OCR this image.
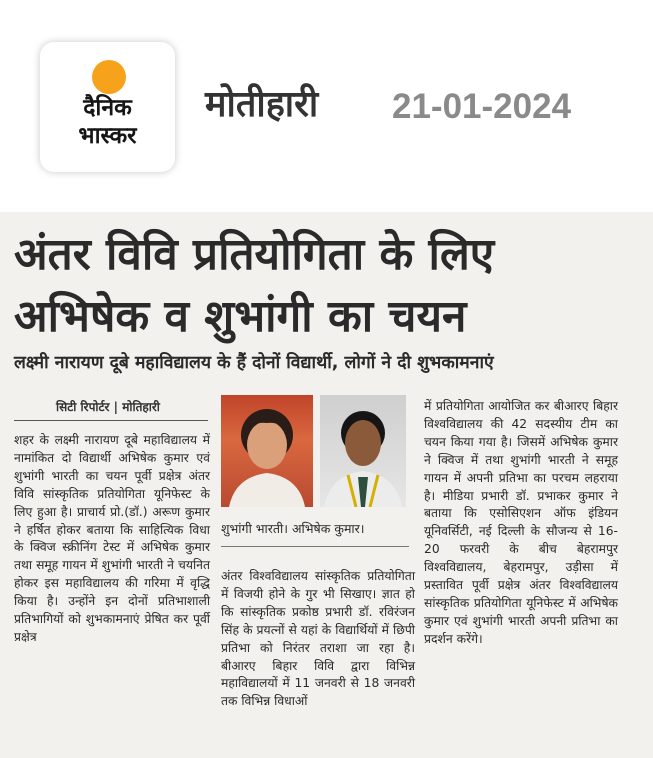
दैनिक
भास्कर
मोतीहारी 21-01-2024
अंतर विवि प्रतियोगिता के लिए
अभिषेक व शुभांगी का चयन
लक्ष्मी नारायण दूबे महाविद्यालय के हैं दोनों विद्यार्थी, लोगों ने दी शुभकामनाएं
सिटी रिपोर्टर | मोतिहारी

शहर के लक्ष्मी नारायण दूबे महाविद्यालय में नामांकित दो विद्यार्थी अभिषेक कुमार एवं शुभांगी भारती का चयन पूर्वी प्रक्षेत्र अंतर विवि सांस्कृतिक प्रतियोगिता यूनिफेस्ट के लिए हुआ है। प्राचार्य प्रो.(डॉ.) अरूण कुमार ने हर्षित होकर बताया कि साहित्यिक विधा के क्विज स्क्रीनिंग टेस्ट में अभिषेक कुमार तथा समूह गायन में शुभांगी भारती ने चयनित होकर इस महाविद्यालय की गरिमा में वृद्धि किया है। उन्होंने इन दोनों प्रतिभाशाली प्रतिभागियों को शुभकामनाएं प्रेषित कर पूर्वी प्रक्षेत्र

शुभांगी भारती। अभिषेक कुमार।

अंतर विश्वविद्यालय सांस्कृतिक प्रतियोगिता में विजयी होने के गुर भी सिखाए। ज्ञात हो कि सांस्कृतिक प्रकोष्ठ प्रभारी डॉ. रविरंजन सिंह के प्रयत्नों से यहां के विद्यार्थियों में छिपी प्रतिभा को निरंतर तराशा जा रहा है। बीआरए बिहार विवि द्वारा विभिन्न महाविद्यालयों में 11 जनवरी से 18 जनवरी तक विभिन्न विधाओं

में प्रतियोगिता आयोजित कर बीआरए बिहार विश्वविद्यालय की 42 सदस्यीय टीम का चयन किया गया है। जिसमें अभिषेक कुमार ने क्विज में तथा शुभांगी भारती ने समूह गायन में अपनी प्रतिभा का परचम लहराया है। मीडिया प्रभारी डॉ. प्रभाकर कुमार ने बताया कि एसोसिएशन ऑफ इंडियन यूनिवर्सिटी, नई दिल्ली के सौजन्य से 16-20 फरवरी के बीच बेहरामपुर विश्वविद्यालय, बेहरामपुर, उड़ीसा में प्रस्तावित पूर्वी प्रक्षेत्र अंतर विश्वविद्यालय सांस्कृतिक प्रतियोगिता यूनिफेस्ट में अभिषेक कुमार एवं शुभांगी भारती अपनी प्रतिभा का प्रदर्शन करेंगे।
